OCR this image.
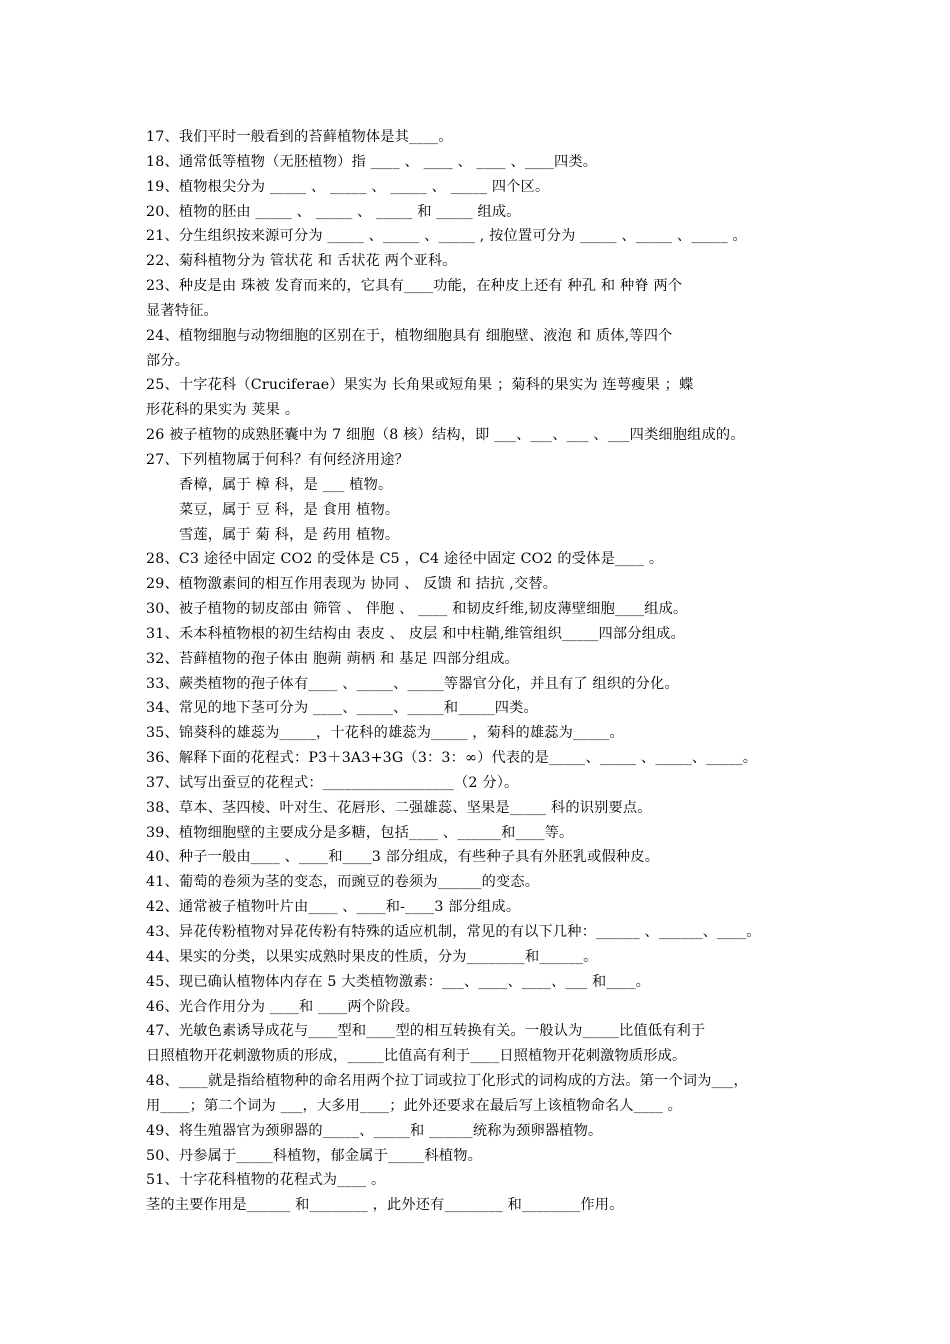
17、我们平时一般看到的苔藓植物体是其____。
18、通常低等植物（无胚植物）指 ____ 、 ____ 、 ____ 、____四类。
19、植物根尖分为 _____ 、 _____ 、 _____ 、 _____ 四个区。
20、植物的胚由 _____ 、 _____ 、 _____ 和 _____ 组成。
21、分生组织按来源可分为 _____ 、_____ 、_____ , 按位置可分为 _____ 、_____ 、_____ 。
22、菊科植物分为 管状花 和 舌状花 两个亚科。
23、种皮是由 珠被 发育而来的，它具有____功能，在种皮上还有 种孔 和 种脊 两个
显著特征。
24、植物细胞与动物细胞的区别在于，植物细胞具有 细胞壁、液泡 和 质体,等四个
部分。
25、十字花科（Cruciferae）果实为 长角果或短角果 ；菊科的果实为 连萼瘦果 ；蝶
形花科的果实为 荚果 。
26 被子植物的成熟胚囊中为 7 细胞（8 核）结构，即 ___、___、___ 、___四类细胞组成的。
27、下列植物属于何科？有何经济用途？
香樟，属于 樟 科，是 ___ 植物。
菜豆，属于 豆 科，是 食用 植物。
雪莲，属于 菊 科，是 药用 植物。
28、C3 途径中固定 CO2 的受体是 C5 ，C4 途径中固定 CO2 的受体是____ 。
29、植物激素间的相互作用表现为 协同 、 反馈 和 拮抗 ,交替。
30、被子植物的韧皮部由 筛管 、 伴胞 、 ____ 和韧皮纤维,韧皮薄壁细胞____组成。
31、禾本科植物根的初生结构由 表皮 、 皮层 和中柱鞘,维管组织_____四部分组成。
32、苔藓植物的孢子体由 胞蒴 蒴柄 和 基足 四部分组成。
33、蕨类植物的孢子体有____ 、_____、_____等器官分化，并且有了 组织的分化。
34、常见的地下茎可分为 ____、_____、_____和_____四类。
35、锦葵科的雄蕊为_____，十花科的雄蕊为_____ ，菊科的雄蕊为_____。
36、解释下面的花程式：P3＋3A3+3G（3：3：∞）代表的是_____、_____ 、_____、_____。
37、试写出蚕豆的花程式：__________________（2 分）。
38、草本、茎四棱、叶对生、花唇形、二强雄蕊、坚果是_____ 科的识别要点。
39、植物细胞壁的主要成分是多糖，包括____ 、______和____等。
40、种子一般由____ 、____和____3 部分组成，有些种子具有外胚乳或假种皮。
41、葡萄的卷须为茎的变态，而豌豆的卷须为______的变态。
42、通常被子植物叶片由____ 、____和-____3 部分组成。
43、异花传粉植物对异花传粉有特殊的适应机制，常见的有以下几种：______ 、______、____。
44、果实的分类，以果实成熟时果皮的性质，分为________和______。
45、现已确认植物体内存在 5 大类植物激素：___、____、____、___ 和____。
46、光合作用分为 ____和 ____两个阶段。
47、光敏色素诱导成花与____型和____型的相互转换有关。一般认为_____比值低有利于
日照植物开花刺激物质的形成，_____比值高有利于____日照植物开花刺激物质形成。
48、____就是指给植物种的命名用两个拉丁词或拉丁化形式的词构成的方法。第一个词为___，
用____；第二个词为 ___，大多用____；此外还要求在最后写上该植物命名人____ 。
49、将生殖器官为颈卵器的_____、_____和 ______统称为颈卵器植物。
50、丹参属于_____科植物，郁金属于_____科植物。
51、十字花科植物的花程式为____ 。
茎的主要作用是______ 和________ ，此外还有________ 和________作用。
